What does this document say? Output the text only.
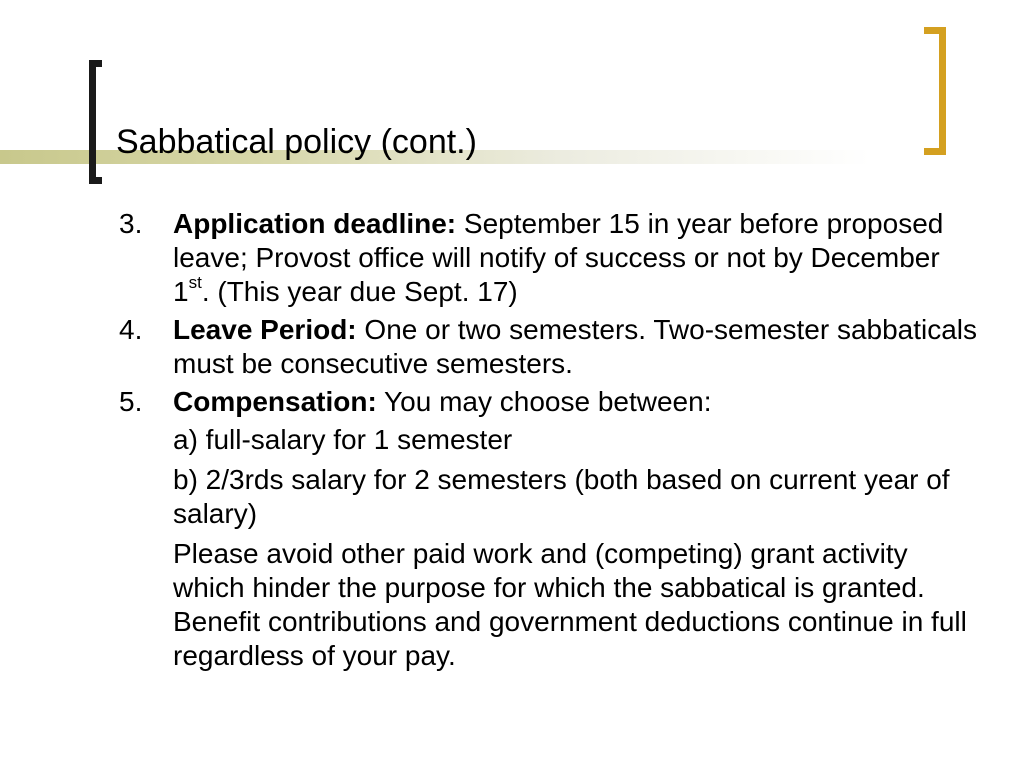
Sabbatical policy (cont.)
3. Application deadline: September 15 in year before proposed leave; Provost office will notify of success or not by December 1st. (This year due Sept. 17)
4. Leave Period: One or two semesters. Two-semester sabbaticals must be consecutive semesters.
5. Compensation: You may choose between:
a) full-salary for 1 semester
b) 2/3rds salary for 2 semesters (both based on current year of salary)
Please avoid other paid work and (competing) grant activity which hinder the purpose for which the sabbatical is granted. Benefit contributions and government deductions continue in full regardless of your pay.
